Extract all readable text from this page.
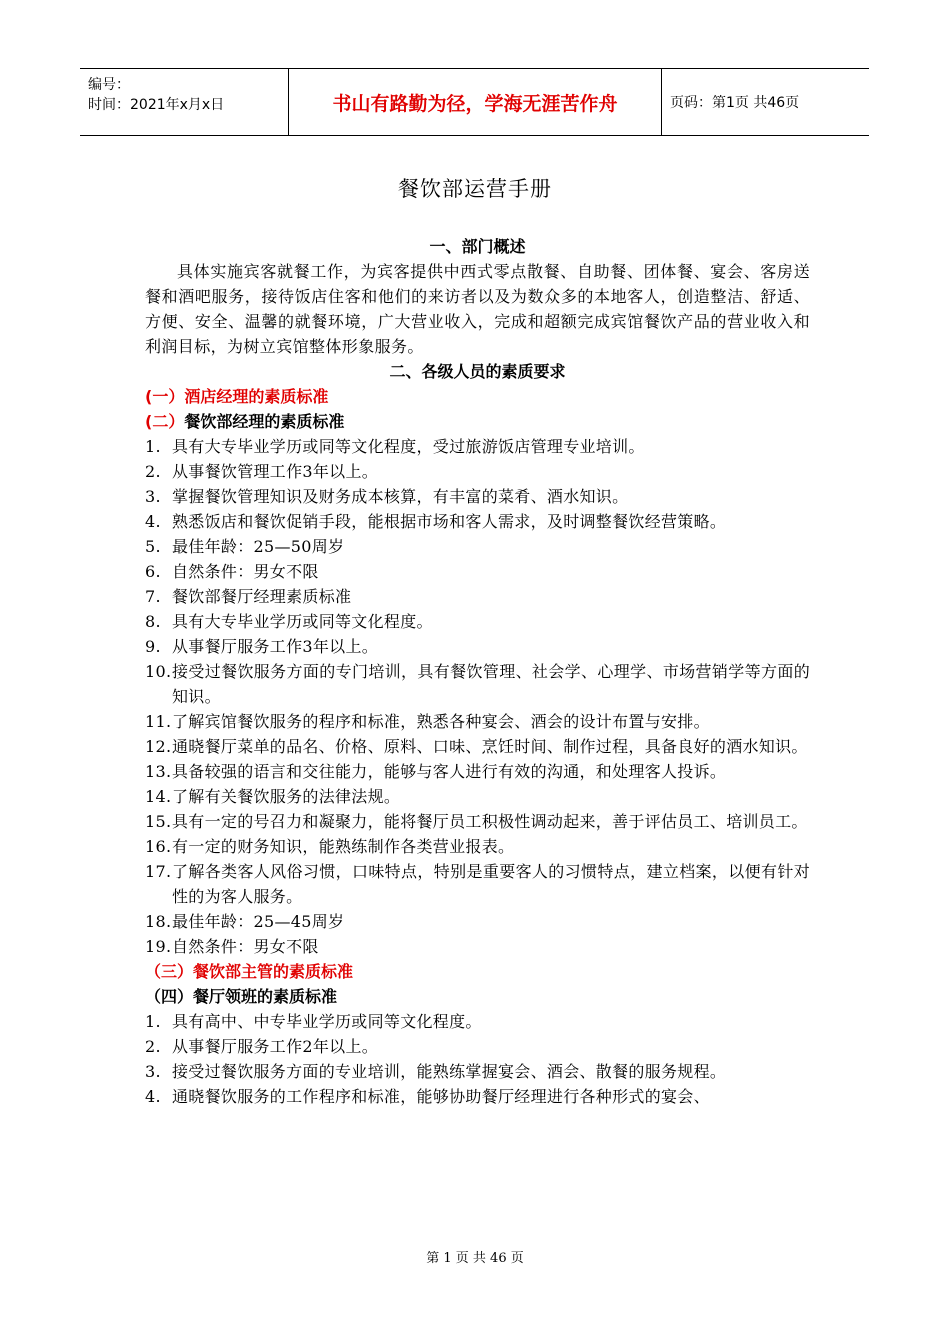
编号：
时间：2021年x月x日	书山有路勤为径，学海无涯苦作舟	页码：第1页 共46页
餐饮部运营手册
一、部门概述
具体实施宾客就餐工作，为宾客提供中西式零点散餐、自助餐、团体餐、宴会、客房送餐和酒吧服务，接待饭店住客和他们的来访者以及为数众多的本地客人，创造整洁、舒适、方便、安全、温馨的就餐环境，广大营业收入，完成和超额完成宾馆餐饮产品的营业收入和利润目标，为树立宾馆整体形象服务。
二、各级人员的素质要求
(一）酒店经理的素质标准
(二）餐饮部经理的素质标准
1. 具有大专毕业学历或同等文化程度，受过旅游饭店管理专业培训。
2. 从事餐饮管理工作3年以上。
3. 掌握餐饮管理知识及财务成本核算，有丰富的菜肴、酒水知识。
4. 熟悉饭店和餐饮促销手段，能根据市场和客人需求，及时调整餐饮经营策略。
5. 最佳年龄：25—50周岁
6. 自然条件：男女不限
7. 餐饮部餐厅经理素质标准
8. 具有大专毕业学历或同等文化程度。
9. 从事餐厅服务工作3年以上。
10. 接受过餐饮服务方面的专门培训，具有餐饮管理、社会学、心理学、市场营销学等方面的知识。
11. 了解宾馆餐饮服务的程序和标准，熟悉各种宴会、酒会的设计布置与安排。
12. 通晓餐厅菜单的品名、价格、原料、口味、烹饪时间、制作过程，具备良好的酒水知识。
13. 具备较强的语言和交往能力，能够与客人进行有效的沟通，和处理客人投诉。
14. 了解有关餐饮服务的法律法规。
15. 具有一定的号召力和凝聚力，能将餐厅员工积极性调动起来，善于评估员工、培训员工。
16. 有一定的财务知识，能熟练制作各类营业报表。
17. 了解各类客人风俗习惯，口味特点，特别是重要客人的习惯特点，建立档案，以便有针对性的为客人服务。
18. 最佳年龄：25—45周岁
19. 自然条件：男女不限
（三）餐饮部主管的素质标准
（四）餐厅领班的素质标准
1. 具有高中、中专毕业学历或同等文化程度。
2. 从事餐厅服务工作2年以上。
3. 接受过餐饮服务方面的专业培训，能熟练掌握宴会、酒会、散餐的服务规程。
4. 通晓餐饮服务的工作程序和标准，能够协助餐厅经理进行各种形式的宴会、
第 1 页 共 46 页
